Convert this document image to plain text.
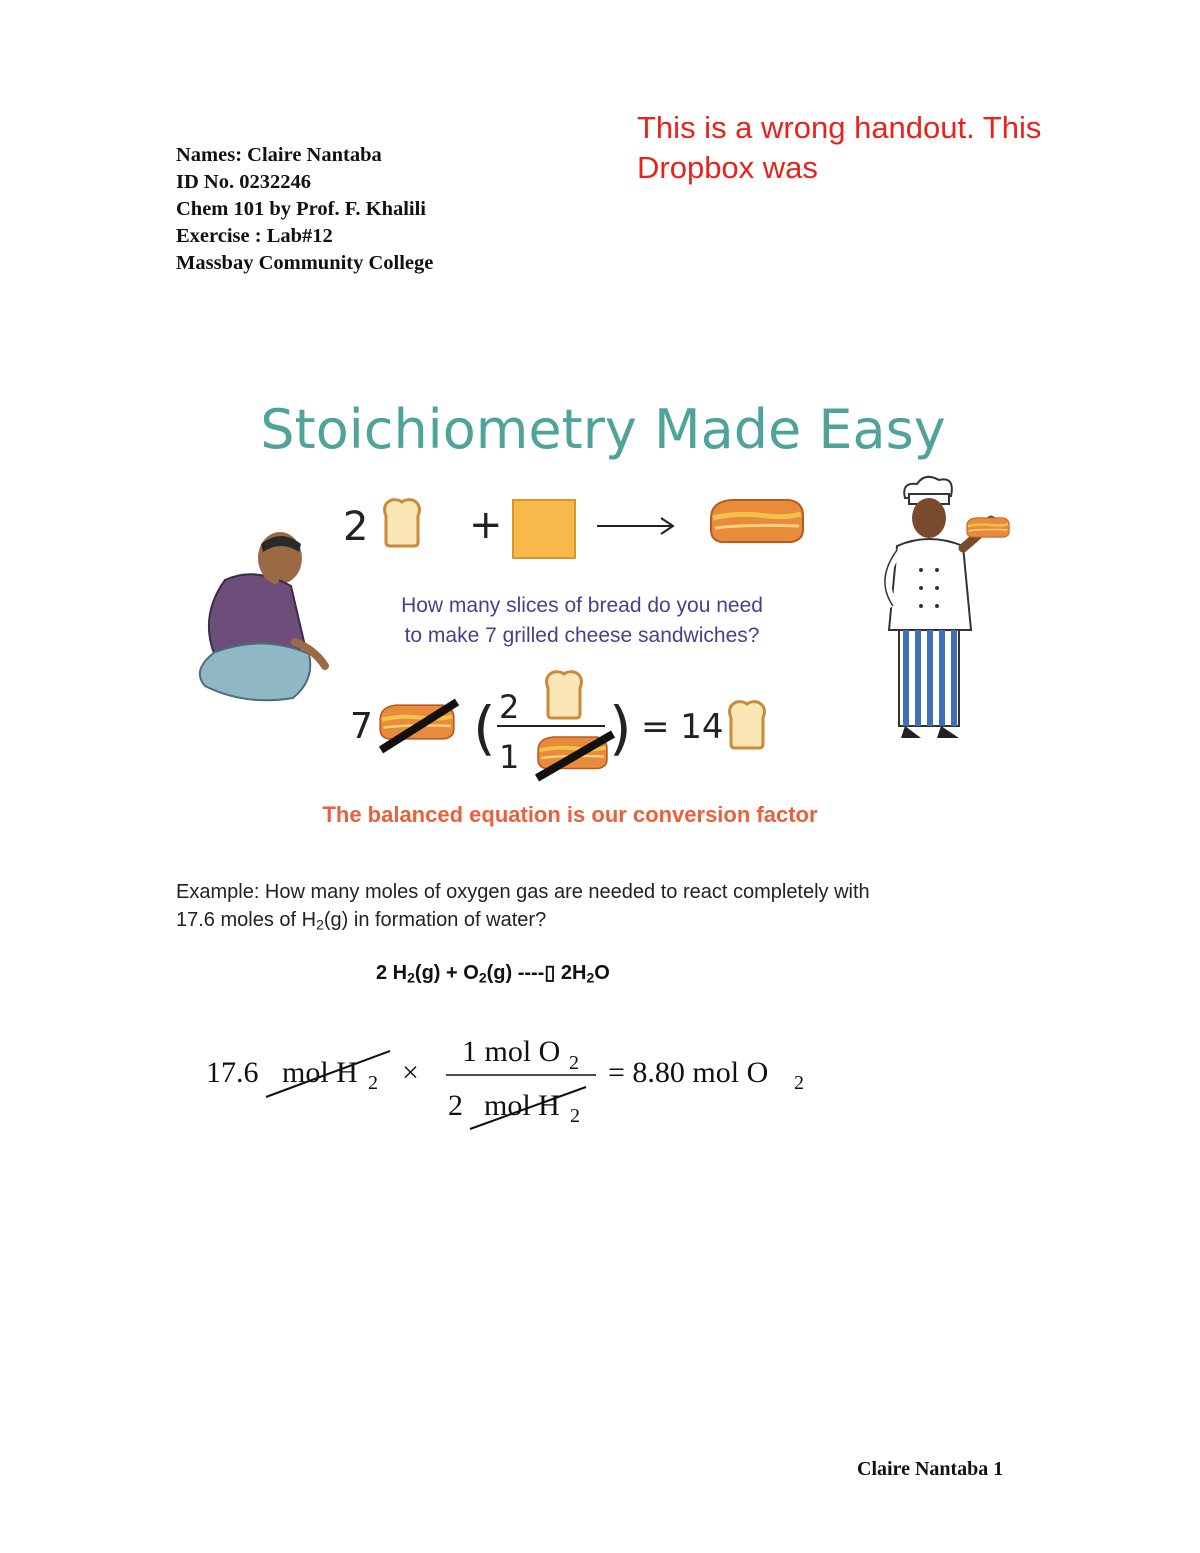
Names: Claire Nantaba
ID No. 0232246
Chem 101 by Prof. F. Khalili
Exercise : Lab#12
Massbay Community College
This is a wrong handout. This
Dropbox was
Stoichiometry Made Easy
2	+
How many slices of bread do you need
to make 7 grilled cheese sandwiches?
7 ( 2
1 ) = 14
The balanced equation is our conversion factor
Example: How many moles of oxygen gas are needed to react completely with
17.6 moles of $H_2(g)$ in formation of water?
2 $H_2(g) + O_2(g)$ ----▯ $2H_2O$
17.6 mol H 2 ×
1 mol O 2
2 mol H 2
= 8.80 mol O 2
Claire Nantaba 1
